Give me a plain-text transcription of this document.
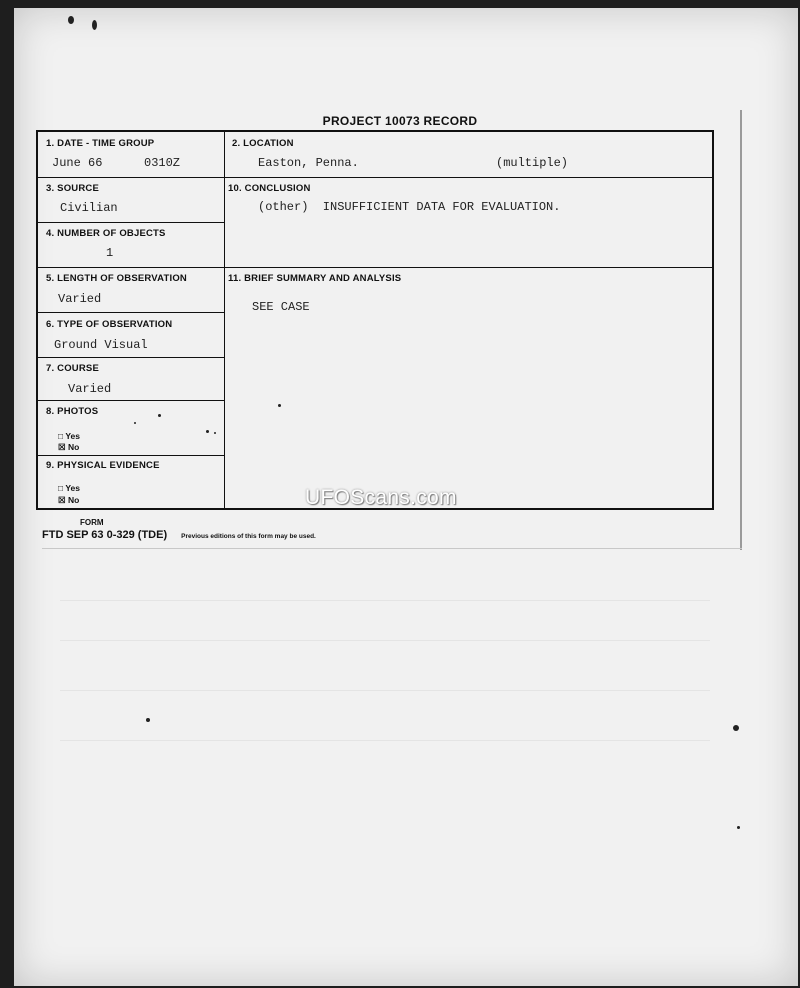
PROJECT 10073 RECORD
1. DATE - TIME GROUP
June 66	0310Z
2. LOCATION
Easton, Penna.	(multiple)
3. SOURCE
Civilian
10. CONCLUSION
(other)  INSUFFICIENT DATA FOR EVALUATION.
4. NUMBER OF OBJECTS
1
5. LENGTH OF OBSERVATION
Varied
11. BRIEF SUMMARY AND ANALYSIS
SEE CASE
6. TYPE OF OBSERVATION
Ground Visual
7. COURSE
Varied
8. PHOTOS
□ Yes
☒ No
9. PHYSICAL EVIDENCE
□ Yes
☒ No
FORM
FTD SEP 63 0-329 (TDE) Previous editions of this form may be used.
UFOScans.com
